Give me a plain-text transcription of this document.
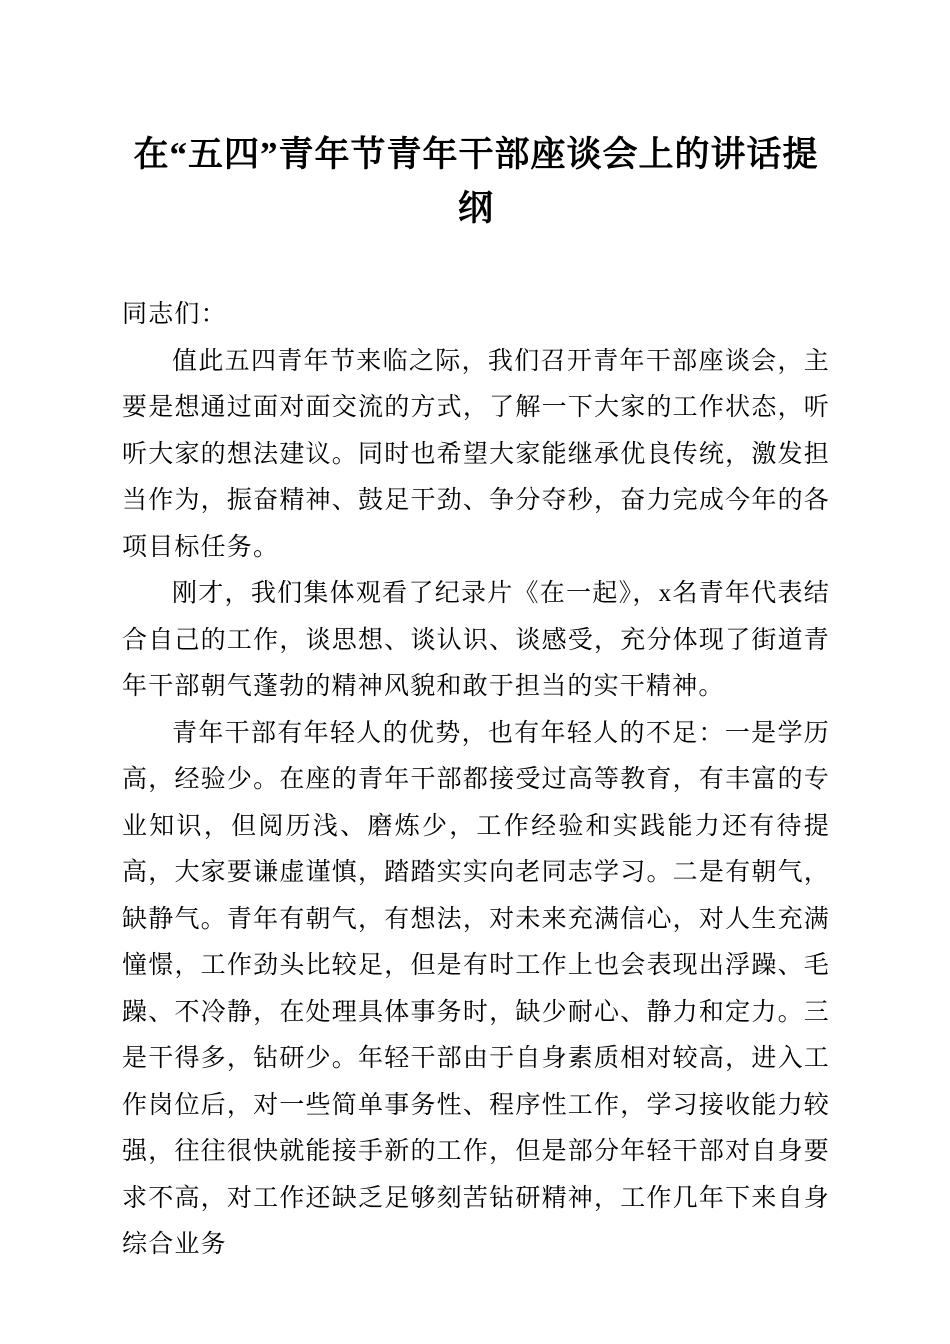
在“五四”青年节青年干部座谈会上的讲话提纲

同志们：

值此五四青年节来临之际，我们召开青年干部座谈会，主要是想通过面对面交流的方式，了解一下大家的工作状态，听听大家的想法建议。同时也希望大家能继承优良传统，激发担当作为，振奋精神、鼓足干劲、争分夺秒，奋力完成今年的各项目标任务。

刚才，我们集体观看了纪录片《在一起》，x名青年代表结合自己的工作，谈思想、谈认识、谈感受，充分体现了街道青年干部朝气蓬勃的精神风貌和敢于担当的实干精神。

青年干部有年轻人的优势，也有年轻人的不足：一是学历高，经验少。在座的青年干部都接受过高等教育，有丰富的专业知识，但阅历浅、磨炼少，工作经验和实践能力还有待提高，大家要谦虚谨慎，踏踏实实向老同志学习。二是有朝气，缺静气。青年有朝气，有想法，对未来充满信心，对人生充满憧憬，工作劲头比较足，但是有时工作上也会表现出浮躁、毛躁、不冷静，在处理具体事务时，缺少耐心、静力和定力。三是干得多，钻研少。年轻干部由于自身素质相对较高，进入工作岗位后，对一些简单事务性、程序性工作，学习接收能力较强，往往很快就能接手新的工作，但是部分年轻干部对自身要求不高，对工作还缺乏足够刻苦钻研精神，工作几年下来自身综合业务
